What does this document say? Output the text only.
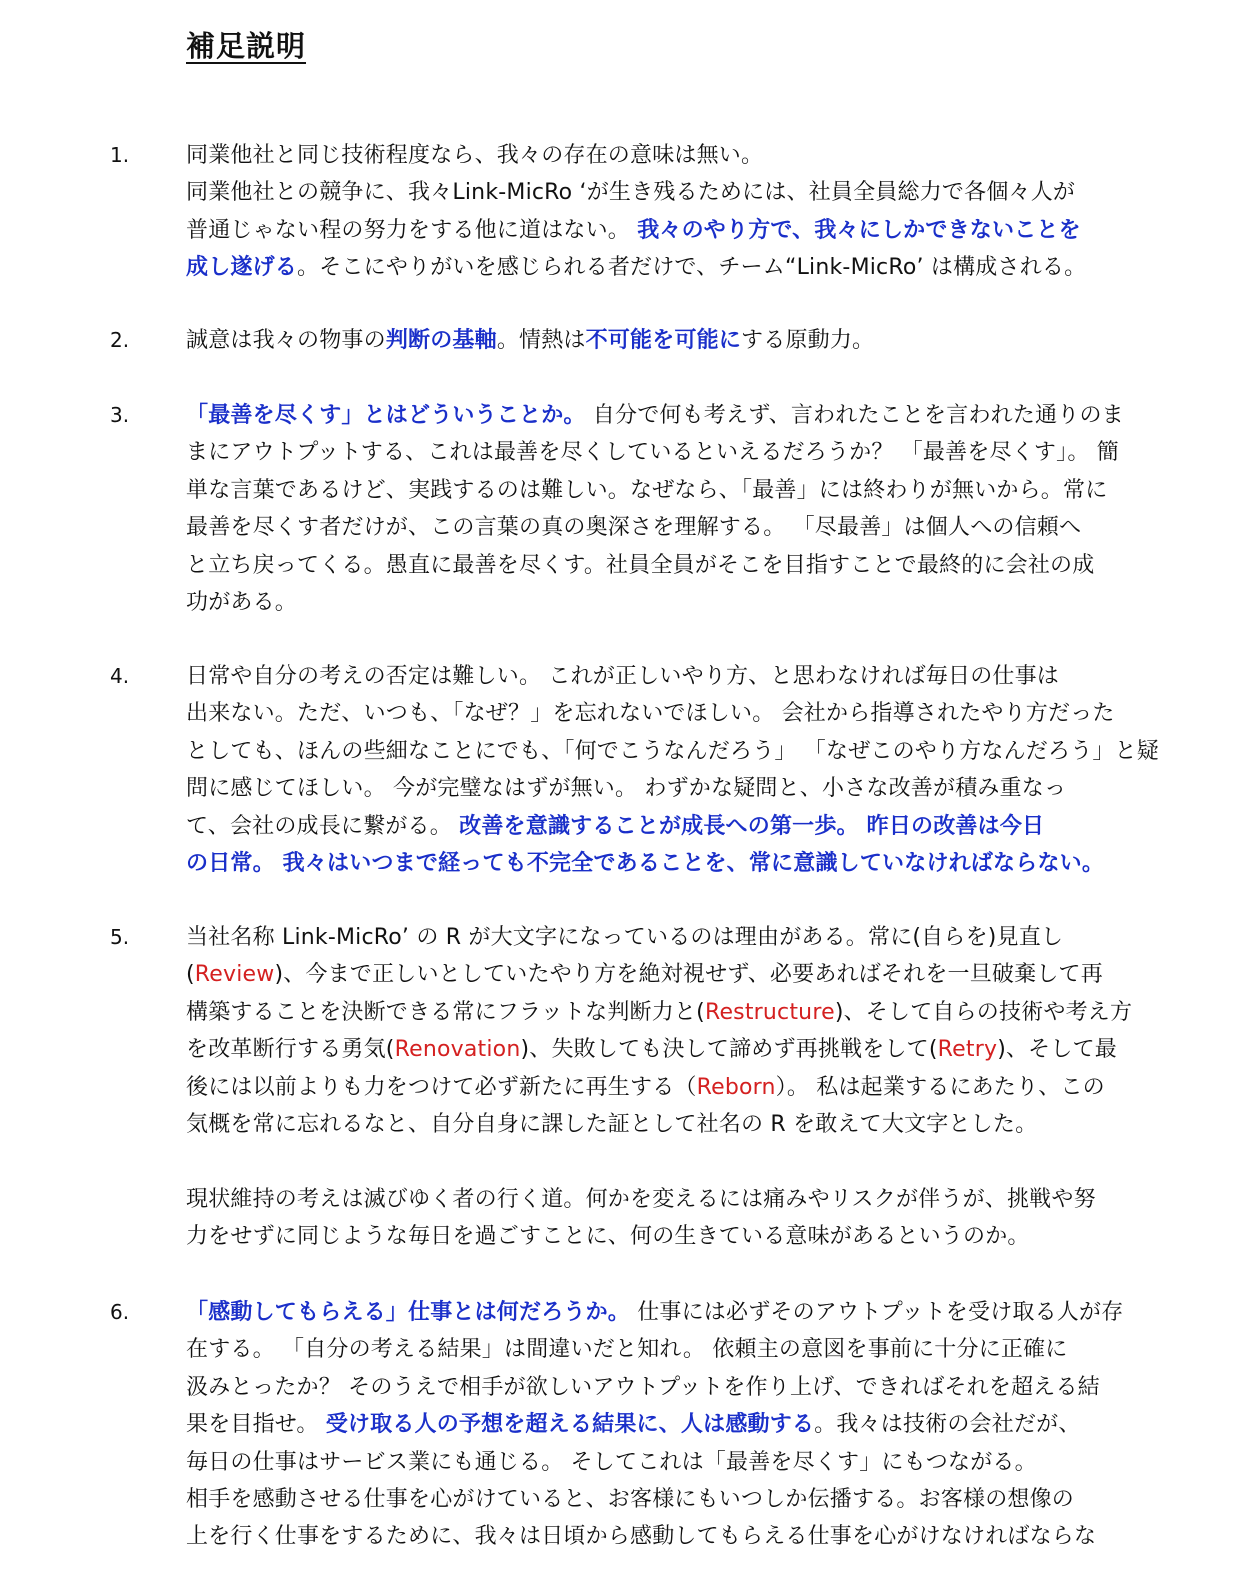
補足説明
1.	同業他社と同じ技術程度なら、我々の存在の意味は無い。
同業他社との競争に、我々Link-MicRo ‘が生き残るためには、社員全員総力で各個々人が
普通じゃない程の努力をする他に道はない。 我々のやり方で、我々にしかできないことを
成し遂げる。そこにやりがいを感じられる者だけで、チーム“Link-MicRo’ は構成される。
2.	誠意は我々の物事の判断の基軸。情熱は不可能を可能にする原動力。
3.	「最善を尽くす」とはどういうことか。 自分で何も考えず、言われたことを言われた通りのま
まにアウトプットする、これは最善を尽くしているといえるだろうか？ 「最善を尽くす」。 簡
単な言葉であるけど、実践するのは難しい。なぜなら、「最善」には終わりが無いから。常に
最善を尽くす者だけが、この言葉の真の奥深さを理解する。 「尽最善」は個人への信頼へ
と立ち戻ってくる。愚直に最善を尽くす。社員全員がそこを目指すことで最終的に会社の成
功がある。
4.	日常や自分の考えの否定は難しい。 これが正しいやり方、と思わなければ毎日の仕事は
出来ない。ただ、いつも、「なぜ？」を忘れないでほしい。 会社から指導されたやり方だった
としても、ほんの些細なことにでも、「何でこうなんだろう」 「なぜこのやり方なんだろう」と疑
問に感じてほしい。 今が完璧なはずが無い。 わずかな疑問と、小さな改善が積み重なっ
て、会社の成長に繋がる。 改善を意識することが成長への第一歩。 昨日の改善は今日
の日常。 我々はいつまで経っても不完全であることを、常に意識していなければならない。
5.	当社名称 Link-MicRo’ の R が大文字になっているのは理由がある。常に(自らを)見直し
(Review)、今まで正しいとしていたやり方を絶対視せず、必要あればそれを一旦破棄して再
構築することを決断できる常にフラットな判断力と(Restructure)、そして自らの技術や考え方
を改革断行する勇気(Renovation)、失敗しても決して諦めず再挑戦をして(Retry)、そして最
後には以前よりも力をつけて必ず新たに再生する（Reborn）。 私は起業するにあたり、この
気概を常に忘れるなと、自分自身に課した証として社名の R を敢えて大文字とした。

現状維持の考えは滅びゆく者の行く道。何かを変えるには痛みやリスクが伴うが、挑戦や努
力をせずに同じような毎日を過ごすことに、何の生きている意味があるというのか。
6.	「感動してもらえる」仕事とは何だろうか。 仕事には必ずそのアウトプットを受け取る人が存
在する。 「自分の考える結果」は間違いだと知れ。 依頼主の意図を事前に十分に正確に
汲みとったか？ そのうえで相手が欲しいアウトプットを作り上げ、できればそれを超える結
果を目指せ。 受け取る人の予想を超える結果に、人は感動する。我々は技術の会社だが、
毎日の仕事はサービス業にも通じる。 そしてこれは「最善を尽くす」にもつながる。
相手を感動させる仕事を心がけていると、お客様にもいつしか伝播する。お客様の想像の
上を行く仕事をするために、我々は日頃から感動してもらえる仕事を心がけなければならな
